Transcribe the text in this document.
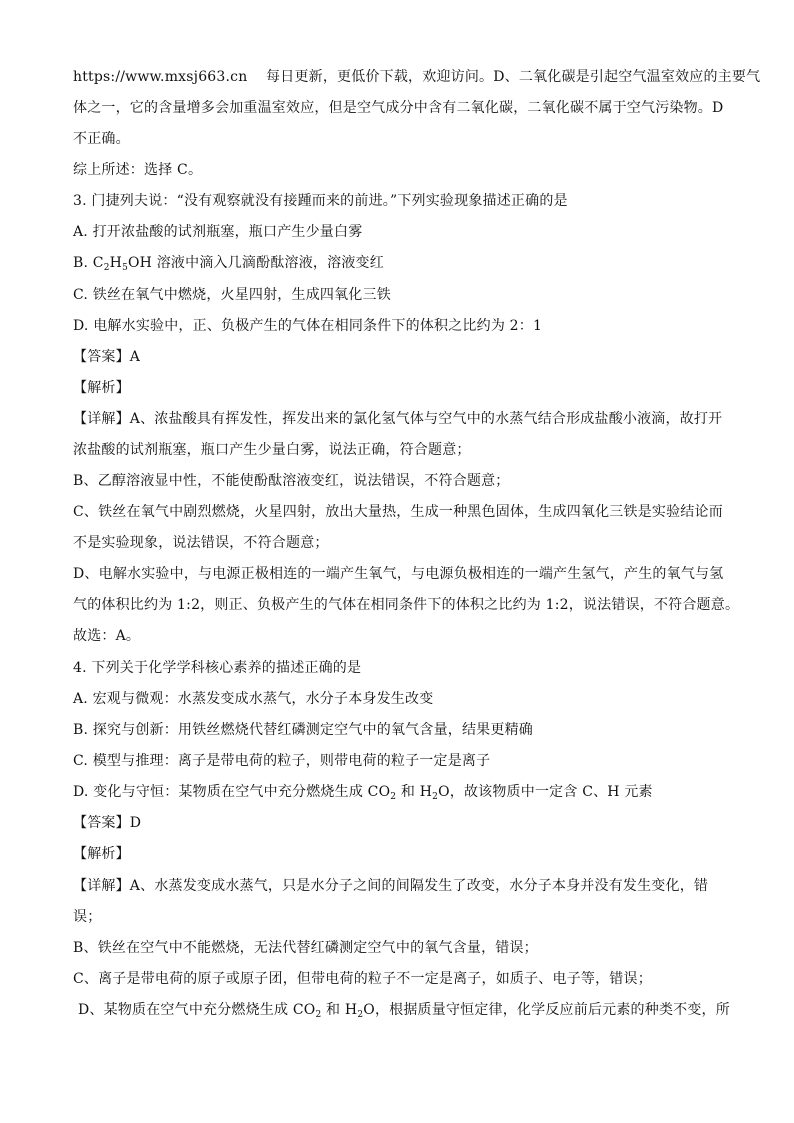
https://www.mxsj663.cn 每日更新，更低价下载，欢迎访问。D、二氧化碳是引起空气温室效应的主要气
体之一，它的含量增多会加重温室效应，但是空气成分中含有二氧化碳，二氧化碳不属于空气污染物。D
不正确。
综上所述：选择 C。
3. 门捷列夫说：“没有观察就没有接踵而来的前进。”下列实验现象描述正确的是
A. 打开浓盐酸的试剂瓶塞，瓶口产生少量白雾
B. $C_2H_5OH$ 溶液中滴入几滴酚酞溶液，溶液变红
C. 铁丝在氧气中燃烧，火星四射，生成四氧化三铁
D. 电解水实验中，正、负极产生的气体在相同条件下的体积之比约为 2：1
【答案】A
【解析】
【详解】A、浓盐酸具有挥发性，挥发出来的氯化氢气体与空气中的水蒸气结合形成盐酸小液滴，故打开
浓盐酸的试剂瓶塞，瓶口产生少量白雾，说法正确，符合题意；
B、乙醇溶液显中性，不能使酚酞溶液变红，说法错误，不符合题意；
C、铁丝在氧气中剧烈燃烧，火星四射，放出大量热，生成一种黑色固体，生成四氧化三铁是实验结论而
不是实验现象，说法错误，不符合题意；
D、电解水实验中，与电源正极相连的一端产生氧气，与电源负极相连的一端产生氢气，产生的氧气与氢
气的体积比约为 1:2，则正、负极产生的气体在相同条件下的体积之比约为 1:2，说法错误，不符合题意。
故选：A。
4. 下列关于化学学科核心素养的描述正确的是
A. 宏观与微观：水蒸发变成水蒸气，水分子本身发生改变
B. 探究与创新：用铁丝燃烧代替红磷测定空气中的氧气含量，结果更精确
C. 模型与推理：离子是带电荷的粒子，则带电荷的粒子一定是离子
D. 变化与守恒：某物质在空气中充分燃烧生成 $CO_2$ 和 $H_2O$，故该物质中一定含 C、H 元素
【答案】D
【解析】
【详解】A、水蒸发变成水蒸气，只是水分子之间的间隔发生了改变，水分子本身并没有发生变化，错
误；
B、铁丝在空气中不能燃烧，无法代替红磷测定空气中的氧气含量，错误；
C、离子是带电荷的原子或原子团，但带电荷的粒子不一定是离子，如质子、电子等，错误；
D、某物质在空气中充分燃烧生成 $CO_2$ 和 $H_2O$，根据质量守恒定律，化学反应前后元素的种类不变，所
